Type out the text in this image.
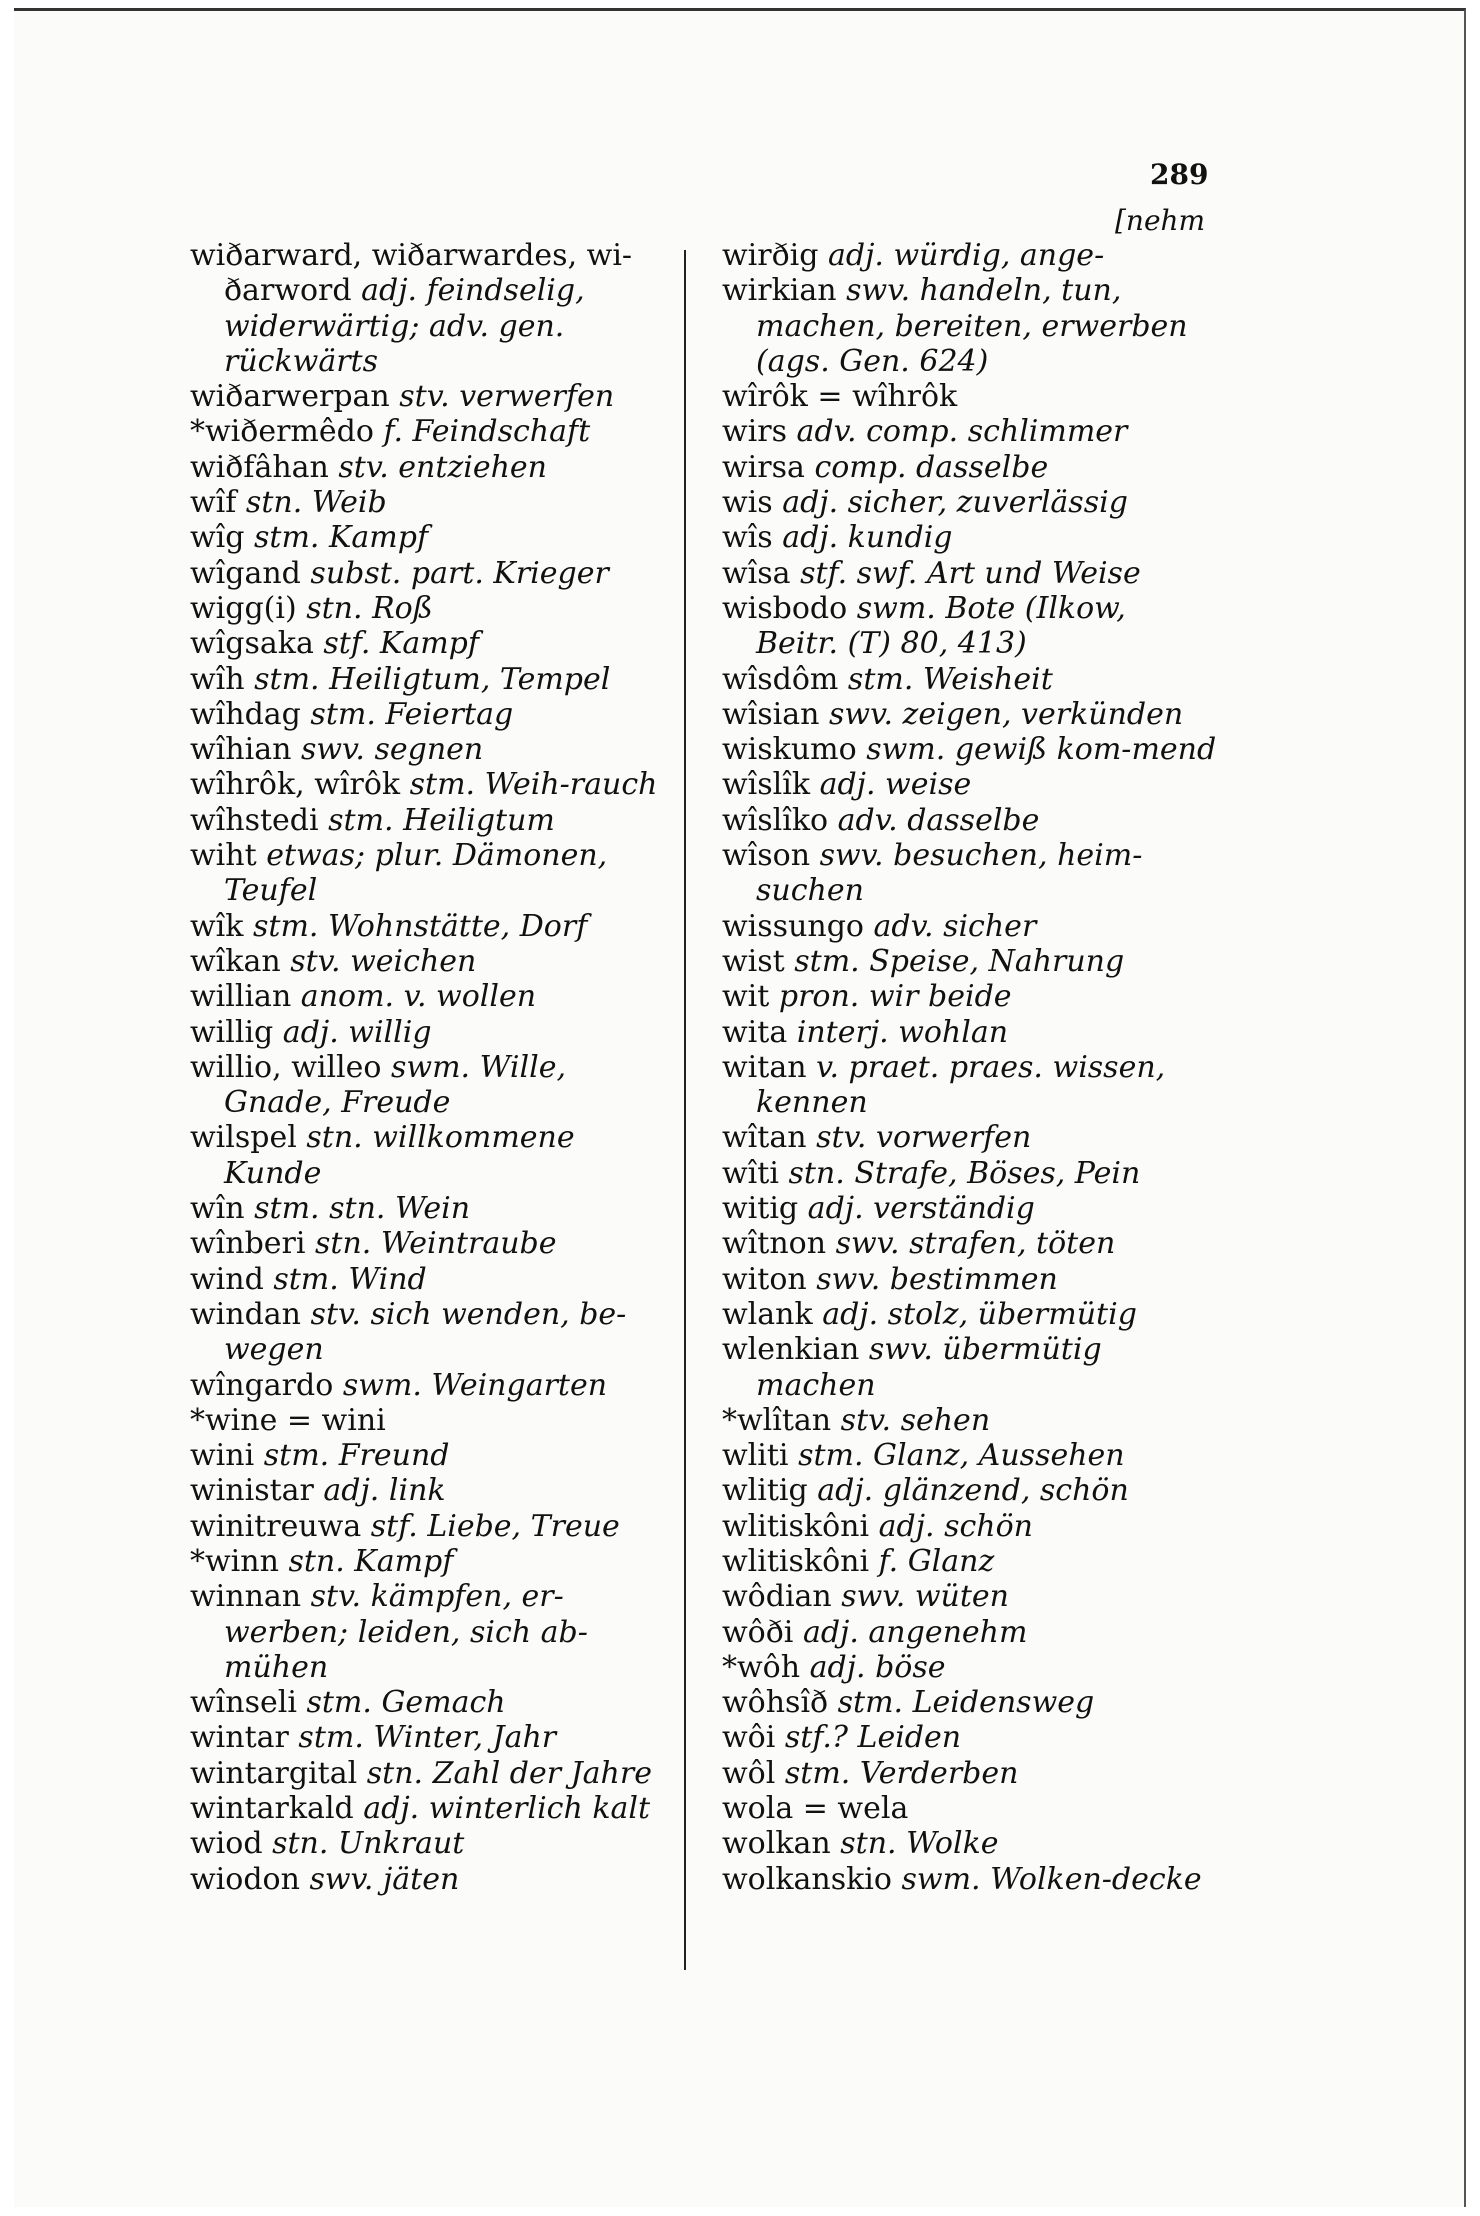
289
[nehm

wiðarward, wiðarwardes, wi-ðarword adj. feindselig, widerwärtig; adv. gen. rückwärts

wiðarwerpan stv. verwerfen

*wiðermêdo f. Feindschaft

wiðfâhan stv. entziehen

wîf stn. Weib

wîg stm. Kampf

wîgand subst. part. Krieger

wigg(i) stn. Roß

wîgsaka stf. Kampf

wîh stm. Heiligtum, Tempel

wîhdag stm. Feiertag

wîhian swv. segnen

wîhrôk, wîrôk stm. Weih-rauch

wîhstedi stm. Heiligtum

wiht etwas; plur. Dämonen, Teufel

wîk stm. Wohnstätte, Dorf

wîkan stv. weichen

willian anom. v. wollen

willig adj. willig

willio, willeo swm. Wille, Gnade, Freude

wilspel stn. willkommene Kunde

wîn stm. stn. Wein

wînberi stn. Weintraube

wind stm. Wind

windan stv. sich wenden, be-wegen

wîngardo swm. Weingarten

*wine = wini

wini stm. Freund

winistar adj. link

winitreuwa stf. Liebe, Treue

*winn stn. Kampf

winnan stv. kämpfen, er-werben; leiden, sich ab-mühen

wînseli stm. Gemach

wintar stm. Winter, Jahr

wintargital stn. Zahl der Jahre

wintarkald adj. winterlich kalt

wiod stn. Unkraut

wiodon swv. jäten

wirðig adj. würdig, ange-

wirkian swv. handeln, tun, machen, bereiten, erwerben (ags. Gen. 624)

wîrôk = wîhrôk

wirs adv. comp. schlimmer

wirsa comp. dasselbe

wis adj. sicher, zuverlässig

wîs adj. kundig

wîsa stf. swf. Art und Weise

wisbodo swm. Bote (Ilkow, Beitr. (T) 80, 413)

wîsdôm stm. Weisheit

wîsian swv. zeigen, verkünden

wiskumo swm. gewiß kom-mend

wîslîk adj. weise

wîslîko adv. dasselbe

wîson swv. besuchen, heim-suchen

wissungo adv. sicher

wist stm. Speise, Nahrung

wit pron. wir beide

wita interj. wohlan

witan v. praet. praes. wissen, kennen

wîtan stv. vorwerfen

wîti stn. Strafe, Böses, Pein

witig adj. verständig

wîtnon swv. strafen, töten

witon swv. bestimmen

wlank adj. stolz, übermütig

wlenkian swv. übermütig machen

*wlîtan stv. sehen

wliti stm. Glanz, Aussehen

wlitig adj. glänzend, schön

wlitiskôni adj. schön

wlitiskôni f. Glanz

wôdian swv. wüten

wôði adj. angenehm

*wôh adj. böse

wôhsîð stm. Leidensweg

wôi stf.? Leiden

wôl stm. Verderben

wola = wela

wolkan stn. Wolke

wolkanskio swm. Wolken-decke
